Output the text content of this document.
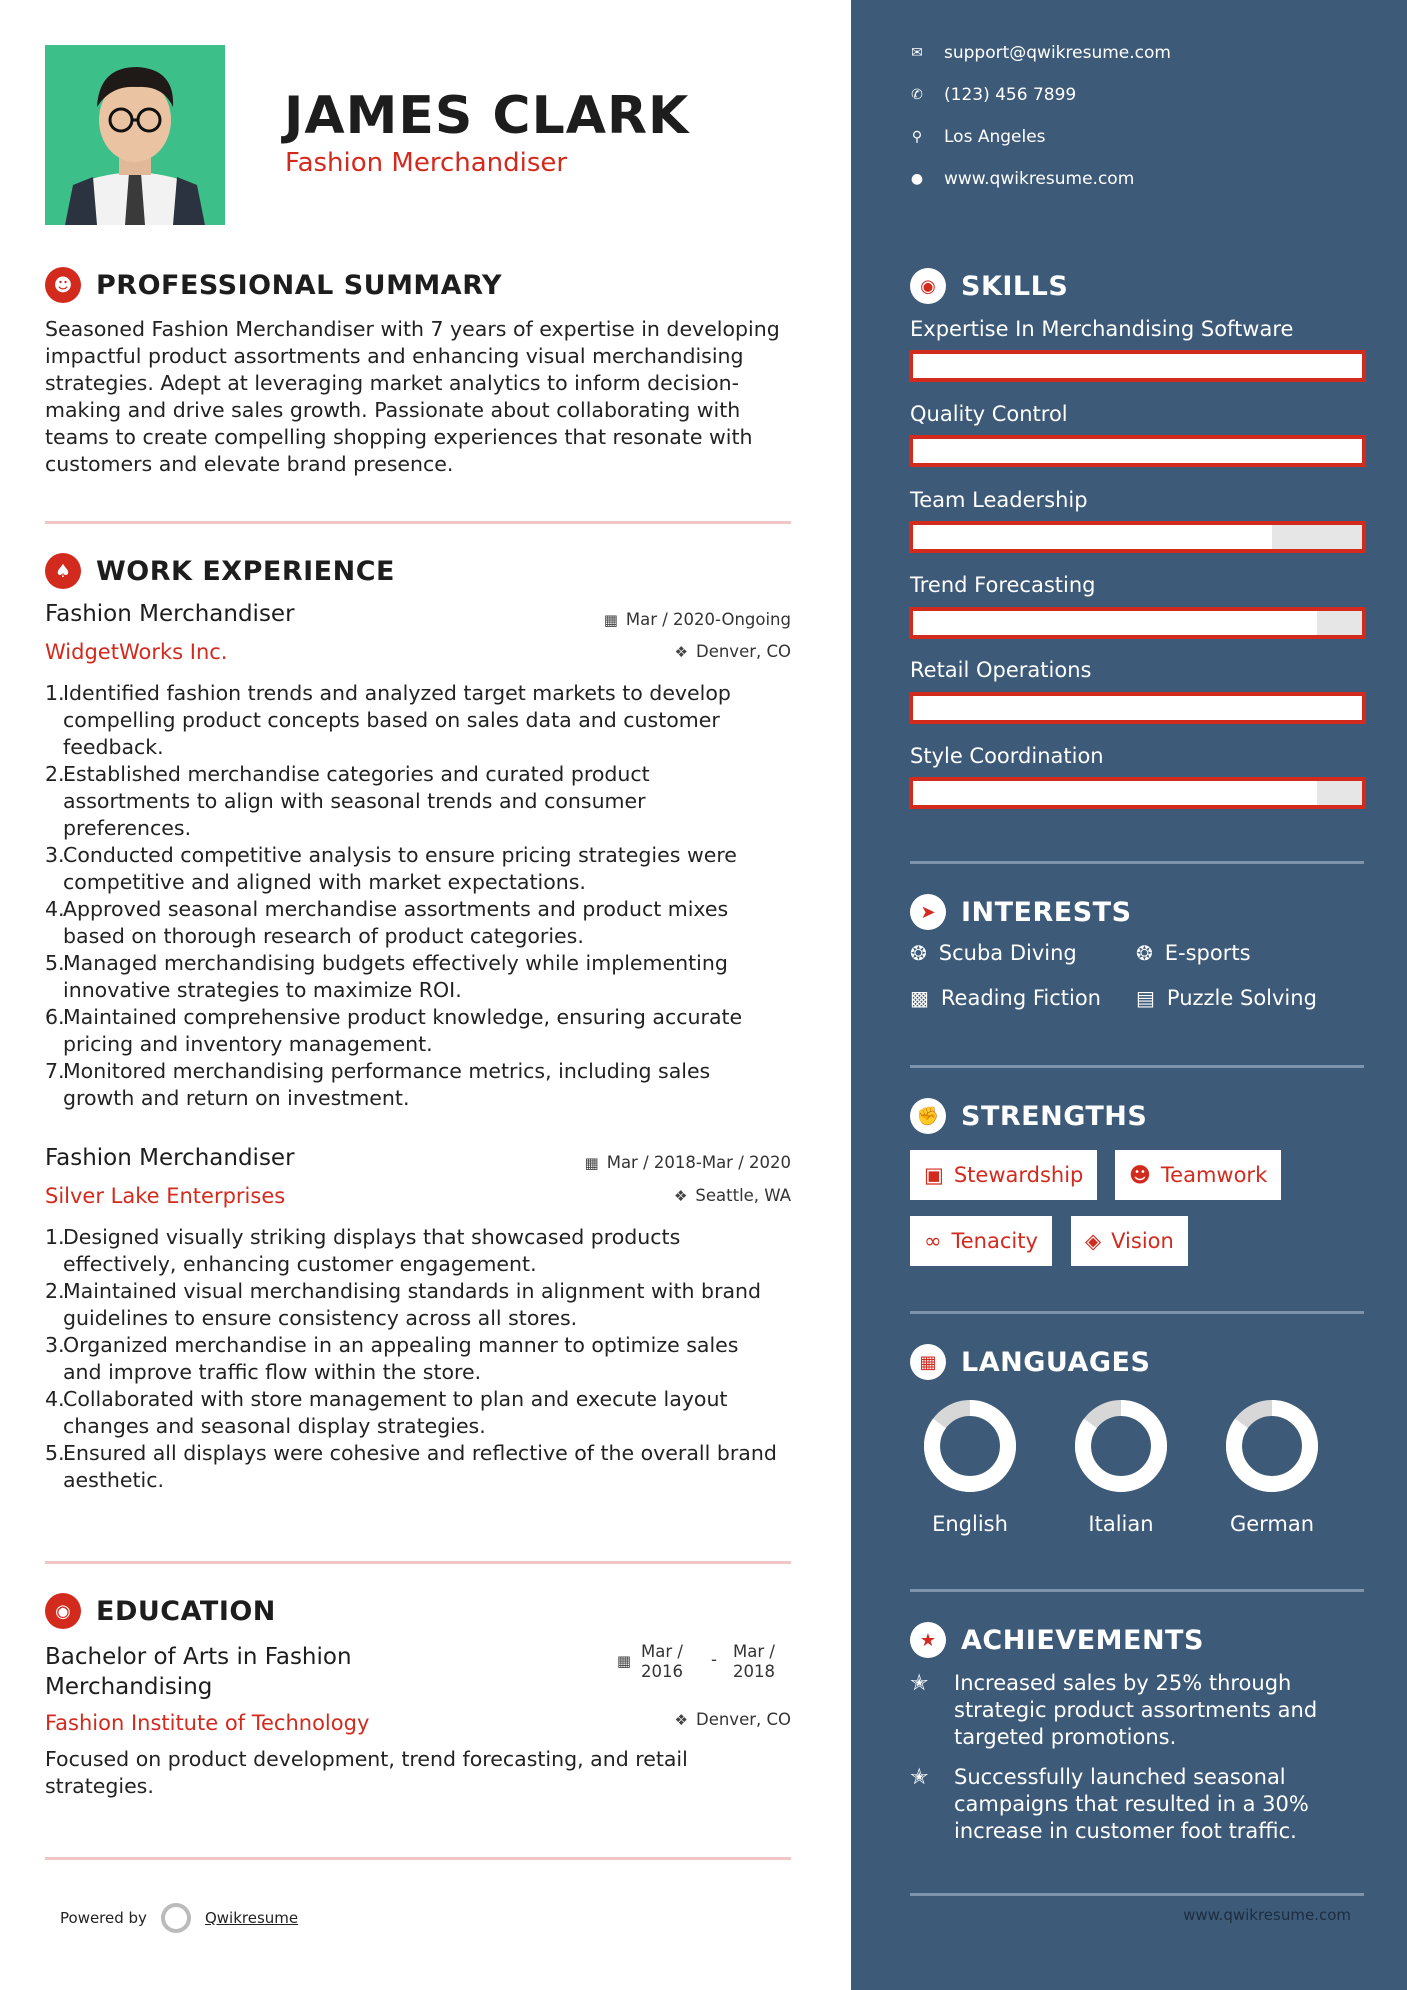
JAMES CLARK
Fashion Merchandiser
☻ PROFESSIONAL SUMMARY
Seasoned Fashion Merchandiser with 7 years of expertise in developing
impactful product assortments and enhancing visual merchandising
strategies. Adept at leveraging market analytics to inform decision-
making and drive sales growth. Passionate about collaborating with
teams to create compelling shopping experiences that resonate with
customers and elevate brand presence.
♠ WORK EXPERIENCE
Fashion Merchandiser	▦ Mar / 2020-Ongoing
WidgetWorks Inc.	❖ Denver, CO
1.
Identified fashion trends and analyzed target markets to develop
compelling product concepts based on sales data and customer
feedback.
2.
Established merchandise categories and curated product
assortments to align with seasonal trends and consumer
preferences.
3.
Conducted competitive analysis to ensure pricing strategies were
competitive and aligned with market expectations.
4.
Approved seasonal merchandise assortments and product mixes
based on thorough research of product categories.
5.
Managed merchandising budgets effectively while implementing
innovative strategies to maximize ROI.
6.
Maintained comprehensive product knowledge, ensuring accurate
pricing and inventory management.
7.
Monitored merchandising performance metrics, including sales
growth and return on investment.
Fashion Merchandiser	▦ Mar / 2018-Mar / 2020
Silver Lake Enterprises	❖ Seattle, WA
1.
Designed visually striking displays that showcased products
effectively, enhancing customer engagement.
2.
Maintained visual merchandising standards in alignment with brand
guidelines to ensure consistency across all stores.
3.
Organized merchandise in an appealing manner to optimize sales
and improve traffic flow within the store.
4.
Collaborated with store management to plan and execute layout
changes and seasonal display strategies.
5.
Ensured all displays were cohesive and reflective of the overall brand
aesthetic.
◉ EDUCATION
Bachelor of Arts in Fashion
Merchandising
▦ Mar /
2016
- Mar /
2018
Fashion Institute of Technology	❖ Denver, CO
Focused on product development, trend forecasting, and retail
strategies.
Powered by	Qwikresume
✉ support@qwikresume.com
✆ (123) 456 7899
⚲ Los Angeles
● www.qwikresume.com
◉ SKILLS
Expertise In Merchandising Software
Quality Control
Team Leadership
Trend Forecasting
Retail Operations
Style Coordination
➤ INTERESTS
❂ Scuba Diving	❂ E-sports
▩ Reading Fiction ▤ Puzzle Solving
✊ STRENGTHS
▣ Stewardship ☻ Teamwork
∞ Tenacity ◈ Vision
▦ LANGUAGES
English	Italian	German
★ ACHIEVEMENTS
✭	Increased sales by 25% through
strategic product assortments and
targeted promotions.
✭	Successfully launched seasonal
campaigns that resulted in a 30%
increase in customer foot traffic.
www.qwikresume.com
